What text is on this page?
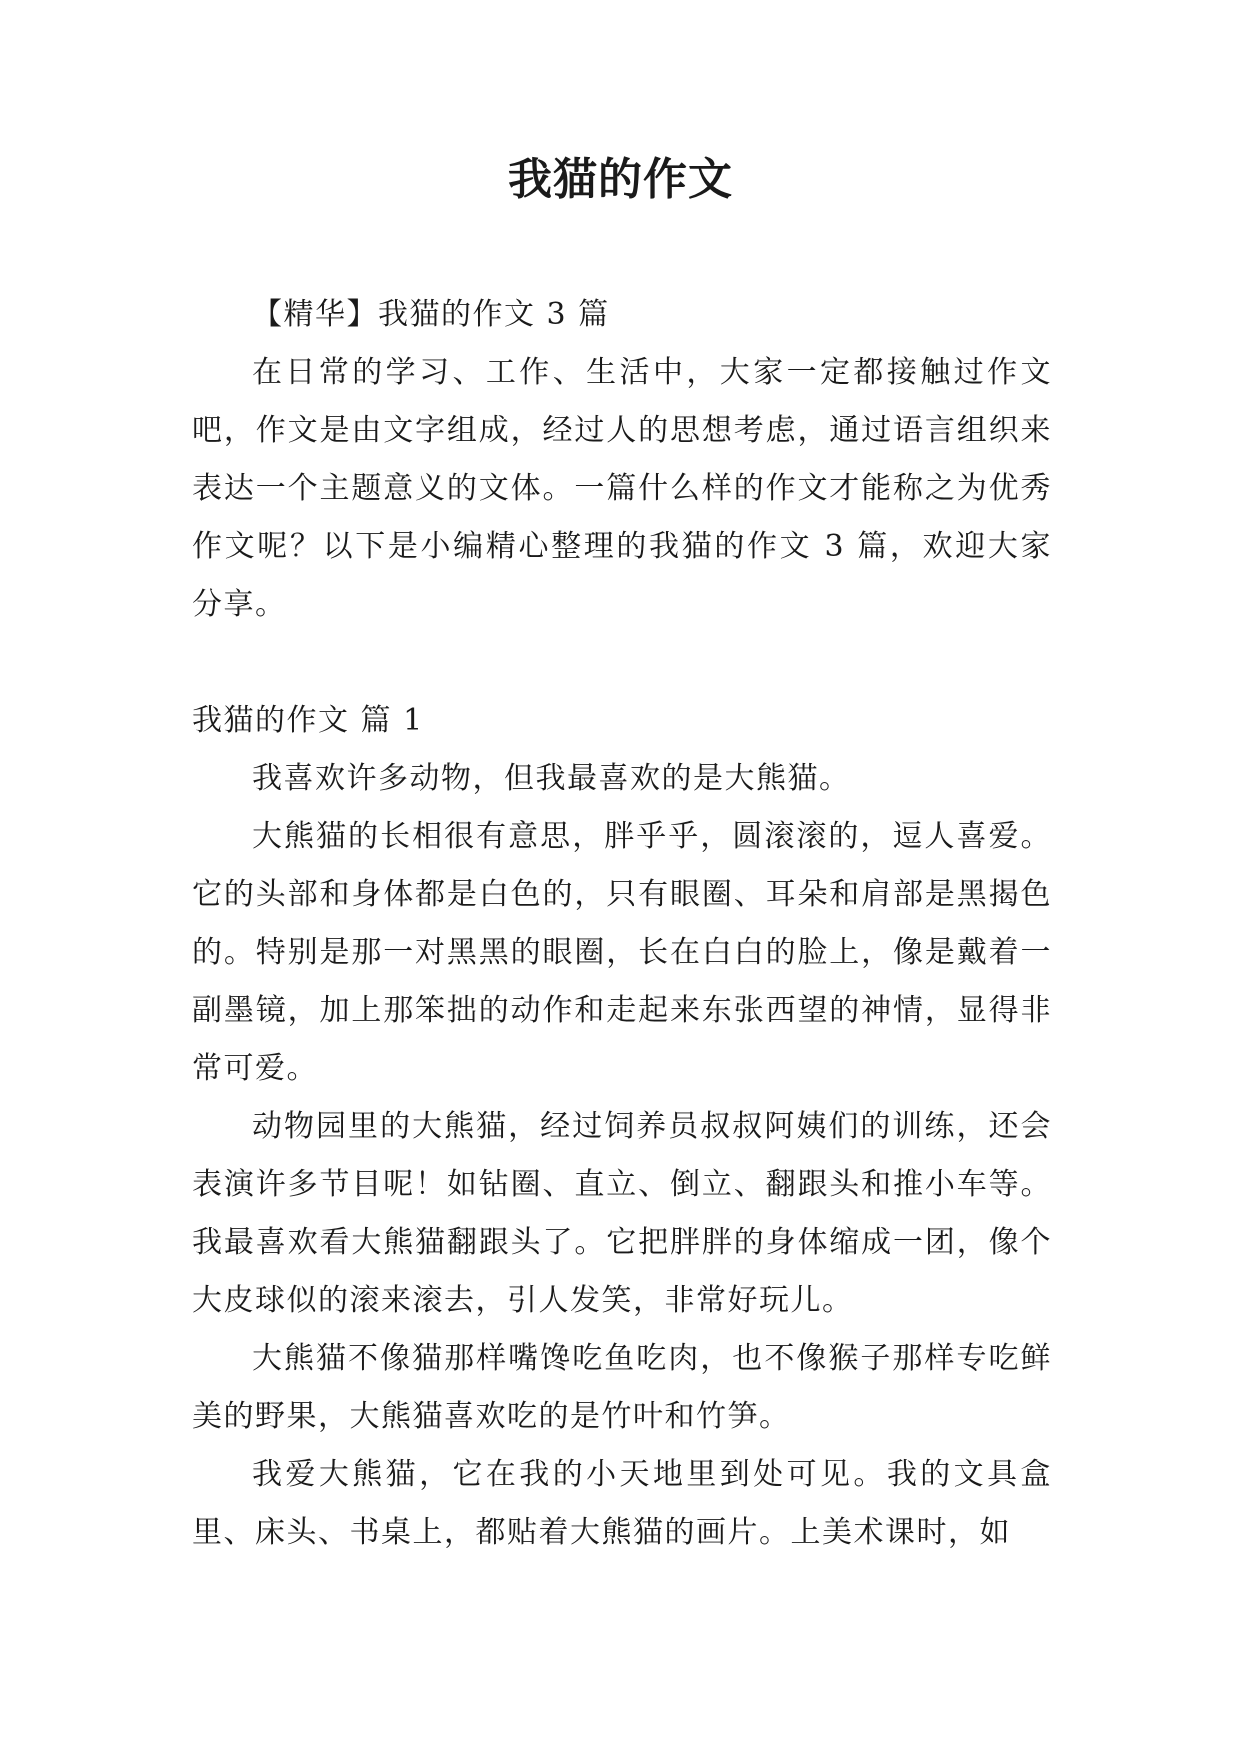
我猫的作文

【精华】我猫的作文 3 篇

在日常的学习、工作、生活中，大家一定都接触过作文吧，作文是由文字组成，经过人的思想考虑，通过语言组织来表达一个主题意义的文体。一篇什么样的作文才能称之为优秀作文呢？以下是小编精心整理的我猫的作文 3 篇，欢迎大家分享。

我猫的作文 篇 1

我喜欢许多动物，但我最喜欢的是大熊猫。

大熊猫的长相很有意思，胖乎乎，圆滚滚的，逗人喜爱。它的头部和身体都是白色的，只有眼圈、耳朵和肩部是黑揭色的。特别是那一对黑黑的眼圈，长在白白的脸上，像是戴着一副墨镜，加上那笨拙的动作和走起来东张西望的神情，显得非常可爱。

动物园里的大熊猫，经过饲养员叔叔阿姨们的训练，还会表演许多节目呢！如钻圈、直立、倒立、翻跟头和推小车等。我最喜欢看大熊猫翻跟头了。它把胖胖的身体缩成一团，像个大皮球似的滚来滚去，引人发笑，非常好玩儿。

大熊猫不像猫那样嘴馋吃鱼吃肉，也不像猴子那样专吃鲜美的野果，大熊猫喜欢吃的是竹叶和竹笋。

我爱大熊猫，它在我的小天地里到处可见。我的文具盒里、床头、书桌上，都贴着大熊猫的画片。上美术课时，如
